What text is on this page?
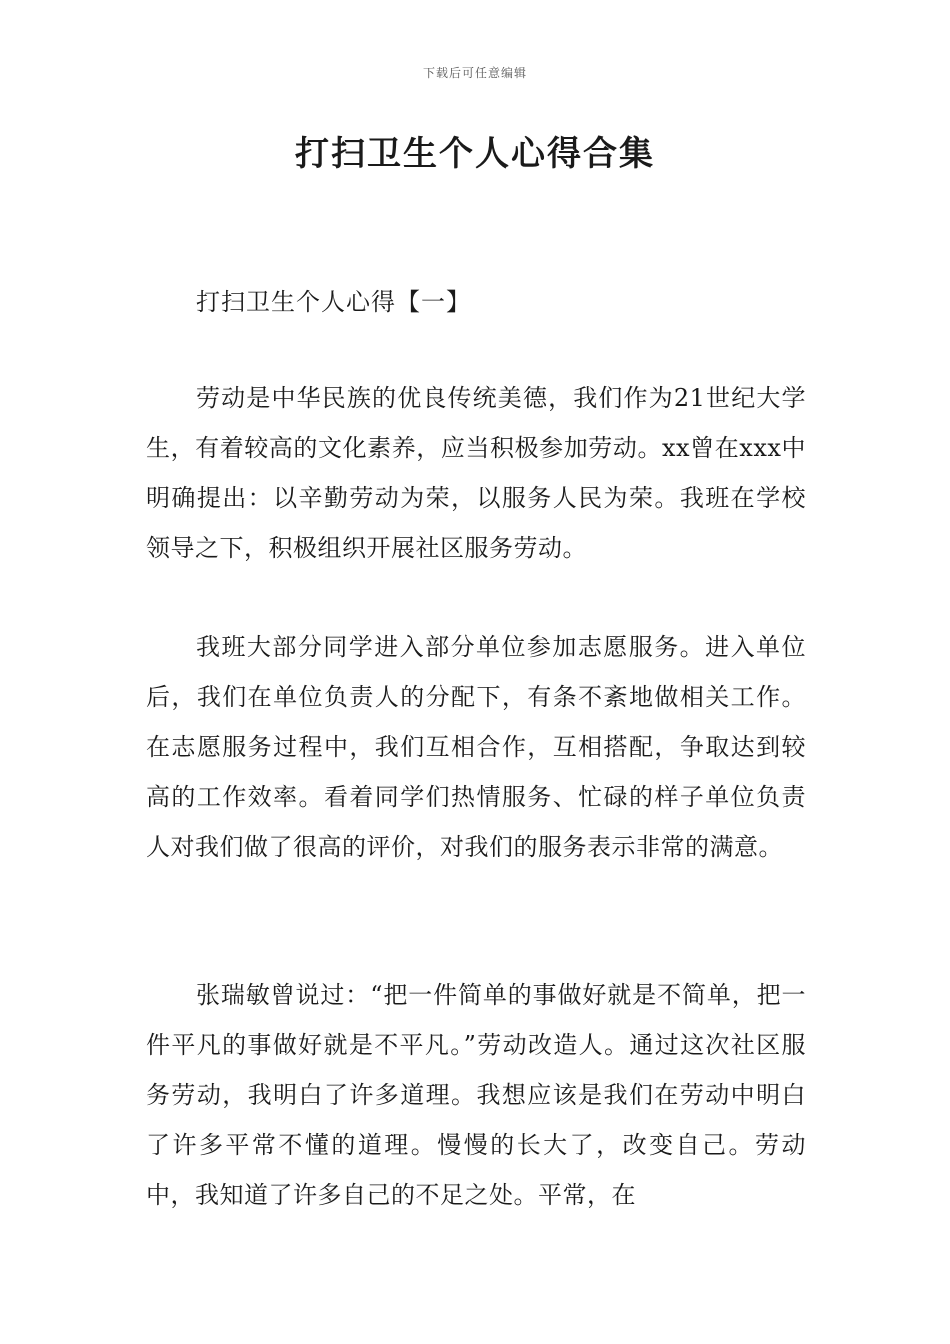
下载后可任意编辑
打扫卫生个人心得合集
打扫卫生个人心得【一】

劳动是中华民族的优良传统美德，我们作为21世纪大学生，有着较高的文化素养，应当积极参加劳动。xx曾在xxx中明确提出：以辛勤劳动为荣，以服务人民为荣。我班在学校领导之下，积极组织开展社区服务劳动。

我班大部分同学进入部分单位参加志愿服务。进入单位后，我们在单位负责人的分配下，有条不紊地做相关工作。在志愿服务过程中，我们互相合作，互相搭配，争取达到较高的工作效率。看着同学们热情服务、忙碌的样子单位负责人对我们做了很高的评价，对我们的服务表示非常的满意。

张瑞敏曾说过：“把一件简单的事做好就是不简单，把一件平凡的事做好就是不平凡。”劳动改造人。通过这次社区服务劳动，我明白了许多道理。我想应该是我们在劳动中明白了许多平常不懂的道理。慢慢的长大了，改变自己。劳动中，我知道了许多自己的不足之处。平常，在
